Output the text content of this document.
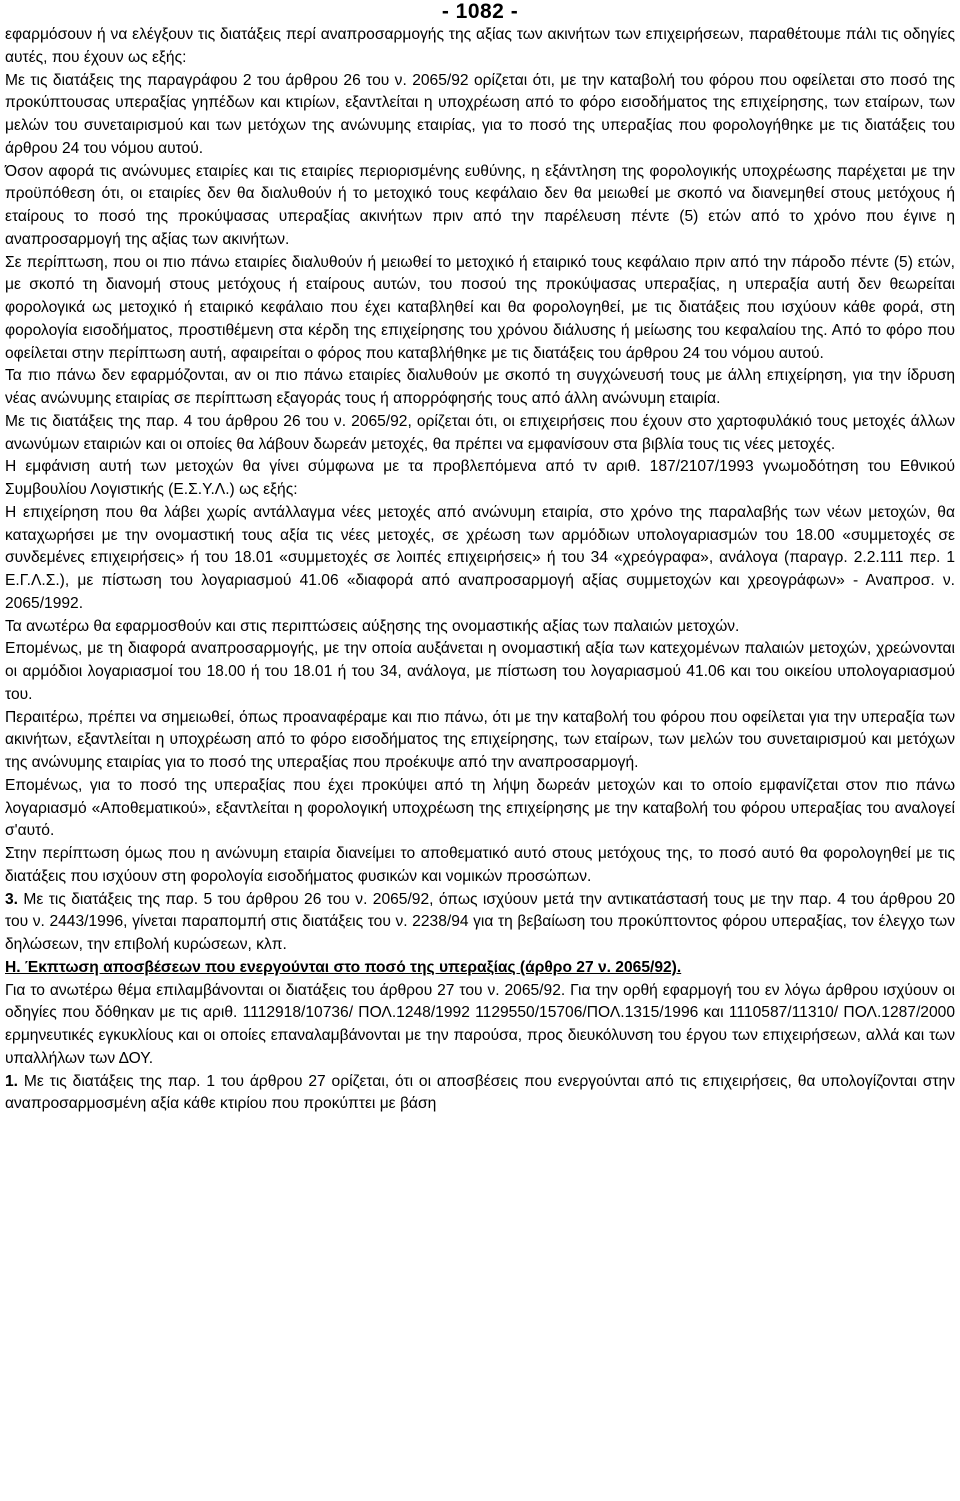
- 1082 -

εφαρμόσουν ή να ελέγξουν τις διατάξεις περί αναπροσαρμογής της αξίας των ακινήτων των επιχειρήσεων, παραθέτουμε πάλι τις οδηγίες αυτές, που έχουν ως εξής:

Με τις διατάξεις της παραγράφου 2 του άρθρου 26 του ν. 2065/92 ορίζεται ότι, με την καταβολή του φόρου που οφείλεται στο ποσό της προκύπτουσας υπεραξίας γηπέδων και κτιρίων, εξαντλείται η υποχρέωση από το φόρο εισοδήματος της επιχείρησης, των εταίρων, των μελών του συνεταιρισμού και των μετόχων της ανώνυμης εταιρίας, για το ποσό της υπεραξίας που φορολογήθηκε με τις διατάξεις του άρθρου 24 του νόμου αυτού.

Όσον αφορά τις ανώνυμες εταιρίες και τις εταιρίες περιορισμένης ευθύνης, η εξάντληση της φορολογικής υποχρέωσης παρέχεται με την προϋπόθεση ότι, οι εταιρίες δεν θα διαλυθούν ή το μετοχικό τους κεφάλαιο δεν θα μειωθεί με σκοπό να διανεμηθεί στους μετόχους ή εταίρους το ποσό της προκύψασας υπεραξίας ακινήτων πριν από την παρέλευση πέντε (5) ετών από το χρόνο που έγινε η αναπροσαρμογή της αξίας των ακινήτων.

Σε περίπτωση, που οι πιο πάνω εταιρίες διαλυθούν ή μειωθεί το μετοχικό ή εταιρικό τους κεφάλαιο πριν από την πάροδο πέντε (5) ετών, με σκοπό τη διανομή στους μετόχους ή εταίρους αυτών, του ποσού της προκύψασας υπεραξίας, η υπεραξία αυτή δεν θεωρείται φορολογικά ως μετοχικό ή εταιρικό κεφάλαιο που έχει καταβληθεί και θα φορολογηθεί, με τις διατάξεις που ισχύουν κάθε φορά, στη φορολογία εισοδήματος, προστιθέμενη στα κέρδη της επιχείρησης του χρόνου διάλυσης ή μείωσης του κεφαλαίου της. Από το φόρο που οφείλεται στην περίπτωση αυτή, αφαιρείται ο φόρος που καταβλήθηκε με τις διατάξεις του άρθρου 24 του νόμου αυτού.

Τα πιο πάνω δεν εφαρμόζονται, αν οι πιο πάνω εταιρίες διαλυθούν με σκοπό τη συγχώνευσή τους με άλλη επιχείρηση, για την ίδρυση νέας ανώνυμης εταιρίας σε περίπτωση εξαγοράς τους ή απορρόφησής τους από άλλη ανώνυμη εταιρία.

Με τις διατάξεις της παρ. 4 του άρθρου 26 του ν. 2065/92, ορίζεται ότι, οι επιχειρήσεις που έχουν στο χαρτοφυλάκιό τους μετοχές άλλων ανωνύμων εταιριών και οι οποίες θα λάβουν δωρεάν μετοχές, θα πρέπει να εμφανίσουν στα βιβλία τους τις νέες μετοχές.

Η εμφάνιση αυτή των μετοχών θα γίνει σύμφωνα με τα προβλεπόμενα από τν αριθ. 187/2107/1993 γνωμοδότηση του Εθνικού Συμβουλίου Λογιστικής (Ε.Σ.Υ.Λ.) ως εξής:

Η επιχείρηση που θα λάβει χωρίς αντάλλαγμα νέες μετοχές από ανώνυμη εταιρία, στο χρόνο της παραλαβής των νέων μετοχών, θα καταχωρήσει με την ονομαστική τους αξία τις νέες μετοχές, σε χρέωση των αρμόδιων υπολογαριασμών του 18.00 «συμμετοχές σε συνδεμένες επιχειρήσεις» ή του 18.01 «συμμετοχές σε λοιπές επιχειρήσεις» ή του 34 «χρεόγραφα», ανάλογα (παραγρ. 2.2.111 περ. 1 Ε.Γ.Λ.Σ.), με πίστωση του λογαριασμού 41.06 «διαφορά από αναπροσαρμογή αξίας συμμετοχών και χρεογράφων» - Αναπροσ. ν. 2065/1992.

Τα ανωτέρω θα εφαρμοσθούν και στις περιπτώσεις αύξησης της ονομαστικής αξίας των παλαιών μετοχών.

Επομένως, με τη διαφορά αναπροσαρμογής, με την οποία αυξάνεται η ονομαστική αξία των κατεχομένων παλαιών μετοχών, χρεώνονται οι αρμόδιοι λογαριασμοί του 18.00 ή του 18.01 ή του 34, ανάλογα, με πίστωση του λογαριασμού 41.06 και του οικείου υπολογαριασμού του.

Περαιτέρω, πρέπει να σημειωθεί, όπως προαναφέραμε και πιο πάνω, ότι με την καταβολή του φόρου που οφείλεται για την υπεραξία των ακινήτων, εξαντλείται η υποχρέωση από το φόρο εισοδήματος της επιχείρησης, των εταίρων, των μελών του συνεταιρισμού και μετόχων της ανώνυμης εταιρίας για το ποσό της υπεραξίας που προέκυψε από την αναπροσαρμογή.

Επομένως, για το ποσό της υπεραξίας που έχει προκύψει από τη λήψη δωρεάν μετοχών και το οποίο εμφανίζεται στον πιο πάνω λογαριασμό «Αποθεματικού», εξαντλείται η φορολογική υποχρέωση της επιχείρησης με την καταβολή του φόρου υπεραξίας του αναλογεί σ'αυτό.

Στην περίπτωση όμως που η ανώνυμη εταιρία διανείμει το αποθεματικό αυτό στους μετόχους της, το ποσό αυτό θα φορολογηθεί με τις διατάξεις που ισχύουν στη φορολογία εισοδήματος φυσικών και νομικών προσώπων.

3. Με τις διατάξεις της παρ. 5 του άρθρου 26 του ν. 2065/92, όπως ισχύουν μετά την αντικατάστασή τους με την παρ. 4 του άρθρου 20 του ν. 2443/1996, γίνεται παραπομπή στις διατάξεις του ν. 2238/94 για τη βεβαίωση του προκύπτοντος φόρου υπεραξίας, τον έλεγχο των δηλώσεων, την επιβολή κυρώσεων, κλπ.

Η. Έκπτωση αποσβέσεων που ενεργούνται στο ποσό της υπεραξίας (άρθρο 27 ν. 2065/92).

Για το ανωτέρω θέμα επιλαμβάνονται οι διατάξεις του άρθρου 27 του ν. 2065/92. Για την ορθή εφαρμογή του εν λόγω άρθρου ισχύουν οι οδηγίες που δόθηκαν με τις αριθ. 1112918/10736/ ΠΟΛ.1248/1992 1129550/15706/ΠΟΛ.1315/1996 και 1110587/11310/ ΠΟΛ.1287/2000 ερμηνευτικές εγκυκλίους και οι οποίες επαναλαμβάνονται με την παρούσα, προς διευκόλυνση του έργου των επιχειρήσεων, αλλά και των υπαλλήλων των ΔΟΥ.

1. Με τις διατάξεις της παρ. 1 του άρθρου 27 ορίζεται, ότι οι αποσβέσεις που ενεργούνται από τις επιχειρήσεις, θα υπολογίζονται στην αναπροσαρμοσμένη αξία κάθε κτιρίου που προκύπτει με βάση
